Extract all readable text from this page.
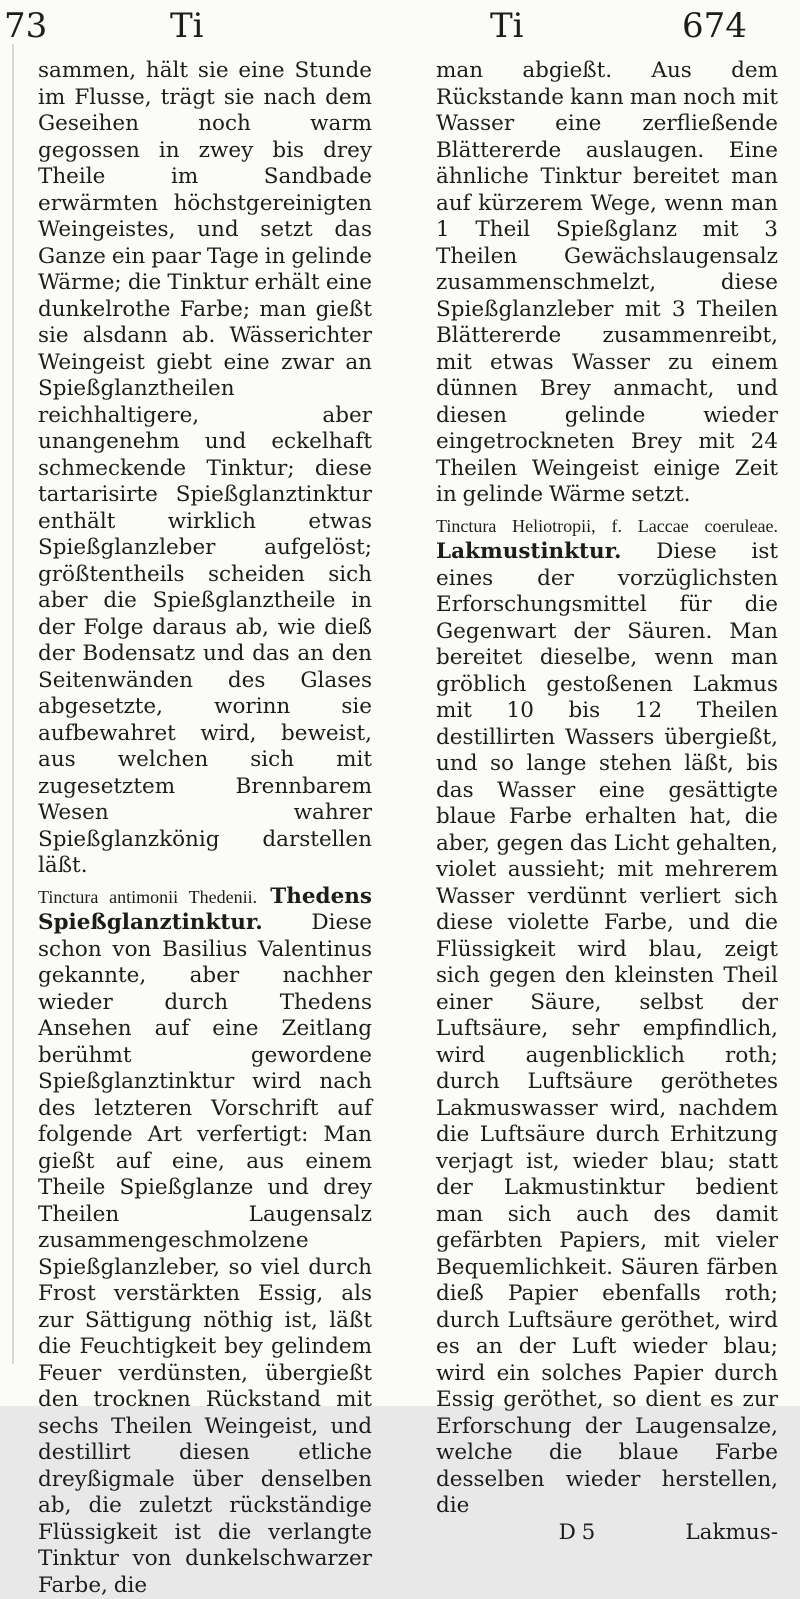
73	Ti	Ti	674

sammen, hält sie eine Stunde im Flusse, trägt sie nach dem Geseihen noch warm gegossen in zwey bis drey Theile im Sandbade erwärmten höchstgereinigten Weingeistes, und setzt das Ganze ein paar Tage in gelinde Wärme; die Tinktur erhält eine dunkelrothe Farbe; man gießt sie alsdann ab. Wässerichter Weingeist giebt eine zwar an Spießglanztheilen reichhaltigere, aber unangenehm und eckelhaft schmeckende Tinktur; diese tartarisirte Spießglanztinktur enthält wirklich etwas Spießglanzleber aufgelöst; größtentheils scheiden sich aber die Spießglanztheile in der Folge daraus ab, wie dieß der Bodensatz und das an den Seitenwänden des Glases abgesetzte, worinn sie aufbewahret wird, beweist, aus welchen sich mit zugesetztem Brennbarem Wesen wahrer Spießglanzkönig darstellen läßt.

Tinctura antimonii Thedenii. Thedens Spießglanztinktur. Diese schon von Basilius Valentinus gekannte, aber nachher wieder durch Thedens Ansehen auf eine Zeitlang berühmt gewordene Spießglanztinktur wird nach des letzteren Vorschrift auf folgende Art verfertigt: Man gießt auf eine, aus einem Theile Spießglanze und drey Theilen Laugensalz zusammengeschmolzene Spießglanzleber, so viel durch Frost verstärkten Essig, als zur Sättigung nöthig ist, läßt die Feuchtigkeit bey gelindem Feuer verdünsten, übergießt den trocknen Rückstand mit sechs Theilen Weingeist, und destillirt diesen etliche dreyßigmale über denselben ab, die zuletzt rückständige Flüssigkeit ist die verlangte Tinktur von dunkelschwarzer Farbe, die

man abgießt. Aus dem Rückstande kann man noch mit Wasser eine zerfließende Blättererde auslaugen. Eine ähnliche Tinktur bereitet man auf kürzerem Wege, wenn man 1 Theil Spießglanz mit 3 Theilen Gewächslaugensalz zusammenschmelzt, diese Spießglanzleber mit 3 Theilen Blättererde zusammenreibt, mit etwas Wasser zu einem dünnen Brey anmacht, und diesen gelinde wieder eingetrockneten Brey mit 24 Theilen Weingeist einige Zeit in gelinde Wärme setzt.

Tinctura Heliotropii, f. Laccae coeruleae. Lakmustinktur. Diese ist eines der vorzüglichsten Erforschungsmittel für die Gegenwart der Säuren. Man bereitet dieselbe, wenn man gröblich gestoßenen Lakmus mit 10 bis 12 Theilen destillirten Wassers übergießt, und so lange stehen läßt, bis das Wasser eine gesättigte blaue Farbe erhalten hat, die aber, gegen das Licht gehalten, violet aussieht; mit mehrerem Wasser verdünnt verliert sich diese violette Farbe, und die Flüssigkeit wird blau, zeigt sich gegen den kleinsten Theil einer Säure, selbst der Luftsäure, sehr empfindlich, wird augenblicklich roth; durch Luftsäure geröthetes Lakmuswasser wird, nachdem die Luftsäure durch Erhitzung verjagt ist, wieder blau; statt der Lakmustinktur bedient man sich auch des damit gefärbten Papiers, mit vieler Bequemlichkeit. Säuren färben dieß Papier ebenfalls roth; durch Luftsäure geröthet, wird es an der Luft wieder blau; wird ein solches Papier durch Essig geröthet, so dient es zur Erforschung der Laugensalze, welche die blaue Farbe desselben wieder herstellen, die

D 5	Lakmus-
